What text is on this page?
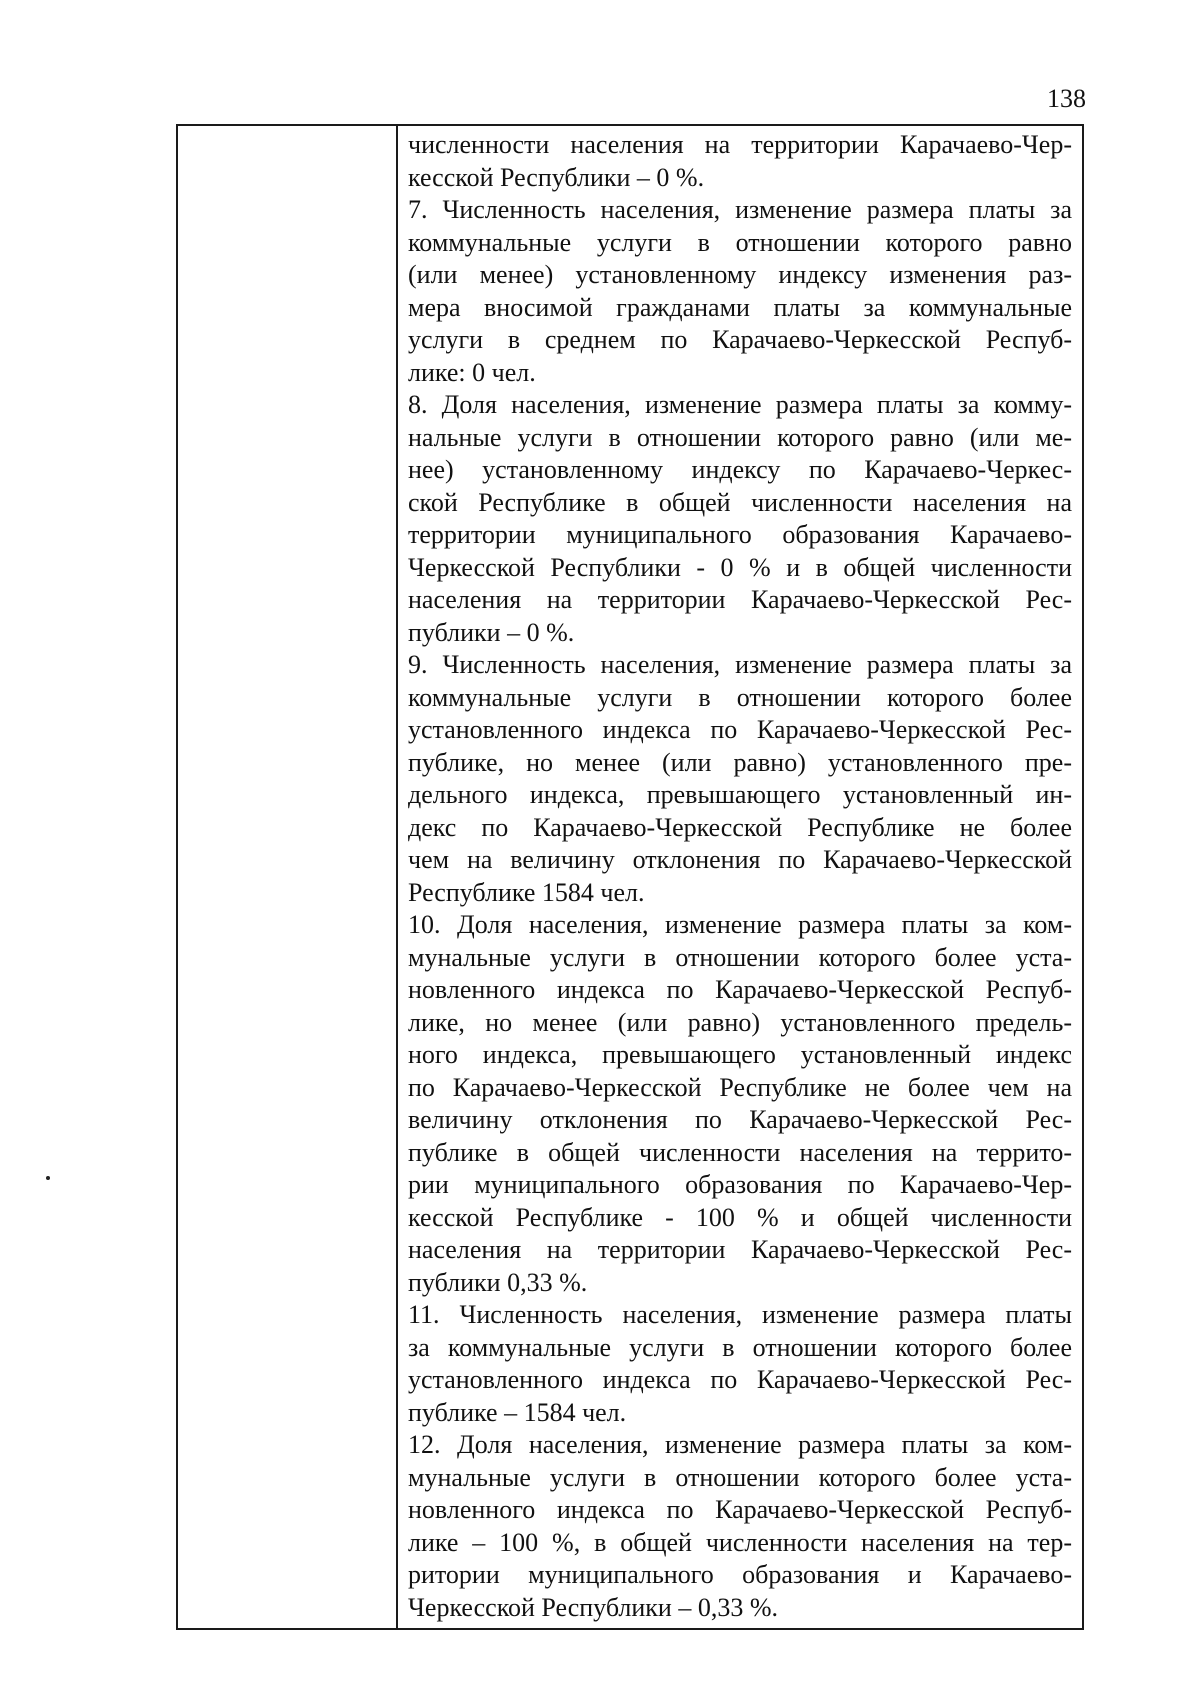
138
численности населения на территории Карачаево-Чер-
кесской Республики – 0 %.
7. Численность населения, изменение размера платы за
коммунальные услуги в отношении которого равно
(или менее) установленному индексу изменения раз-
мера вносимой гражданами платы за коммунальные
услуги в среднем по Карачаево-Черкесской Респуб-
лике: 0 чел.
8. Доля населения, изменение размера платы за комму-
нальные услуги в отношении которого равно (или ме-
нее) установленному индексу по Карачаево-Черкес-
ской Республике в общей численности населения на
территории муниципального образования Карачаево-
Черкесской Республики - 0 % и в общей численности
населения на территории Карачаево-Черкесской Рес-
публики – 0 %.
9. Численность населения, изменение размера платы за
коммунальные услуги в отношении которого более
установленного индекса по Карачаево-Черкесской Рес-
публике, но менее (или равно) установленного пре-
дельного индекса, превышающего установленный ин-
декс по Карачаево-Черкесской Республике не более
чем на величину отклонения по Карачаево-Черкесской
Республике 1584 чел.
10. Доля населения, изменение размера платы за ком-
мунальные услуги в отношении которого более уста-
новленного индекса по Карачаево-Черкесской Респуб-
лике, но менее (или равно) установленного предель-
ного индекса, превышающего установленный индекс
по Карачаево-Черкесской Республике не более чем на
величину отклонения по Карачаево-Черкесской Рес-
публике в общей численности населения на террито-
рии муниципального образования по Карачаево-Чер-
кесской Республике - 100 % и общей численности
населения на территории Карачаево-Черкесской Рес-
публики 0,33 %.
11. Численность населения, изменение размера платы
за коммунальные услуги в отношении которого более
установленного индекса по Карачаево-Черкесской Рес-
публике – 1584 чел.
12. Доля населения, изменение размера платы за ком-
мунальные услуги в отношении которого более уста-
новленного индекса по Карачаево-Черкесской Респуб-
лике – 100 %, в общей численности населения на тер-
ритории муниципального образования и Карачаево-
Черкесской Республики – 0,33 %.
